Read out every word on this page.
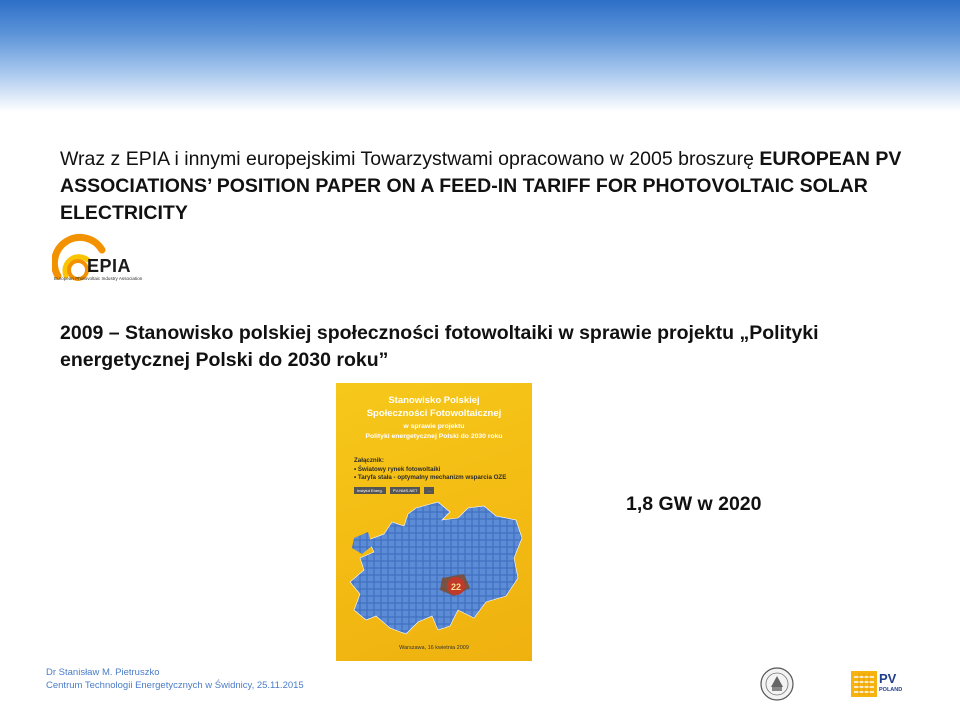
Wraz z EPIA i innymi europejskimi Towarzystwami opracowano w 2005 broszurę EUROPEAN PV ASSOCIATIONS’ POSITION PAPER ON A FEED-IN TARIFF FOR PHOTOVOLTAIC SOLAR ELECTRICITY
EPIA
European Photovoltaic Industry Association
2009 – Stanowisko polskiej społeczności fotowoltaiki w sprawie projektu „Polityki energetycznej Polski do 2030 roku”
Stanowisko Polskiej
Społeczności Fotowoltaicznej
w sprawie projektu
Polityki energetycznej Polski do 2030 roku
Załącznik:
• Światowy rynek fotowoltaiki
• Taryfa stała - optymalny mechanizm wsparcia OZE
Instytut Energ.	PV-NMS-NET	...
22
Warszawa, 16 kwietnia 2009
1,8 GW w 2020
Dr Stanisław M. Pietruszko
Centrum Technologii Energetycznych w Świdnicy, 25.11.2015	PV
POLAND
